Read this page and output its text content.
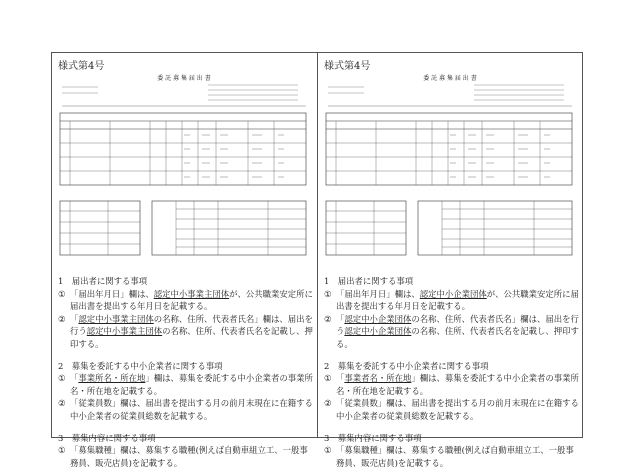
様式第4号
委 託 募 集 届 出 書
1　届出者に関する事項
① 「届出年月日」欄は、認定中小事業主団体が、公共職業安定所に届出書を提出する年月日を記載する。
② 「認定中小事業主団体の名称、住所、代表者氏名」欄は、届出を行う認定中小事業主団体の名称、住所、代表者氏名を記載し、押印する。
2　募集を委託する中小企業者に関する事項
① 「事業所名・所在地」欄は、募集を委託する中小企業者の事業所名・所在地を記載する。
② 「従業員数」欄は、届出書を提出する月の前月末現在に在籍する中小企業者の従業員総数を記載する。
3　募集内容に関する事項
① 「募集職種」欄は、募集する職種(例えば自動車組立工、一般事務員、販売店員)を記載する。
様式第4号
委 託 募 集 届 出 書
1　届出者に関する事項
① 「届出年月日」欄は、認定中小企業団体が、公共職業安定所に届出書を提出する年月日を記載する。
② 「認定中小企業団体の名称、住所、代表者氏名」欄は、届出を行う認定中小企業団体の名称、住所、代表者氏名を記載し、押印する。
2　募集を委託する中小企業者に関する事項
① 「事業者名・所在地」欄は、募集を委託する中小企業者の事業所名・所在地を記載する。
② 「従業員数」欄は、届出書を提出する月の前月末現在に在籍する中小企業者の従業員総数を記載する。
3　募集内容に関する事項
① 「募集職種」欄は、募集する職種(例えば自動車組立工、一般事務員、販売店員)を記載する。
